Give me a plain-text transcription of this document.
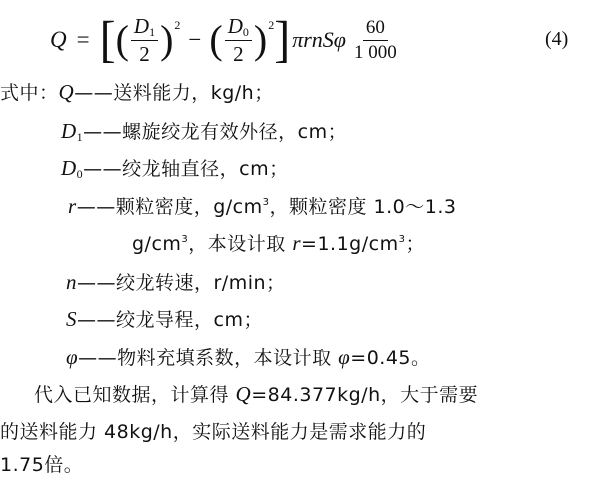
Q = [ ( $\frac{D_1}{2}$ ) 2
− ( $\frac{D_0}{2}$ ) 2 ] πrnSφ $\frac{60}{1 000}$	(4)
式中：Q——送料能力，kg/h；
D1——螺旋绞龙有效外径，cm；
D0——绞龙轴直径，cm；
r——颗粒密度，$g/cm^3$，颗粒密度 1.0～1.3
$g/cm^3$，本设计取 $r=1.1g/cm^3$；
n——绞龙转速，r/min；
S——绞龙导程，cm；
φ——物料充填系数，本设计取 φ=0.45。
代入已知数据，计算得 Q=84.377kg/h，大于需要
的送料能力 48kg/h，实际送料能力是需求能力的
1.75倍。
